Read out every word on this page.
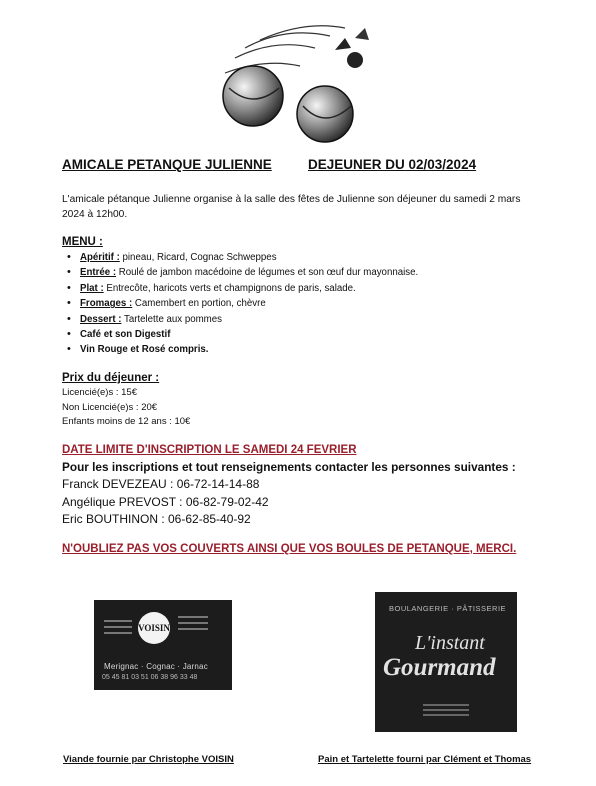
AMICALE PETANQUE JULIENNE	DEJEUNER DU 02/03/2024
L'amicale pétanque Julienne organise à la salle des fêtes de Julienne son déjeuner du samedi 2 mars 2024 à 12h00.
MENU :
• Apéritif : pineau, Ricard, Cognac Schweppes
• Entrée : Roulé de jambon macédoine de légumes et son œuf dur mayonnaise.
• Plat : Entrecôte, haricots verts et champignons de paris, salade.
• Fromages : Camembert en portion, chèvre
• Dessert : Tartelette aux pommes
• Café et son Digestif
• Vin Rouge et Rosé compris.
Prix du déjeuner :
Licencié(e)s : 15€
Non Licencié(e)s : 20€
Enfants moins de 12 ans : 10€
DATE LIMITE D'INSCRIPTION LE SAMEDI 24 FEVRIER
Pour les inscriptions et tout renseignements contacter les personnes suivantes :
Franck DEVEZEAU : 06-72-14-14-88
Angélique PREVOST : 06-82-79-02-42
Eric BOUTHINON : 06-62-85-40-92
N'OUBLIEZ PAS VOS COUVERTS AINSI QUE VOS BOULES DE PETANQUE, MERCI.
VOISIN
Merignac · Cognac · Jarnac
05 45 81 03 51 06 38 96 33 48
BOULANGERIE · PÂTISSERIE
L'instant
Gourmand
Viande fournie par Christophe VOISIN	Pain et Tartelette fourni par Clément et Thomas
